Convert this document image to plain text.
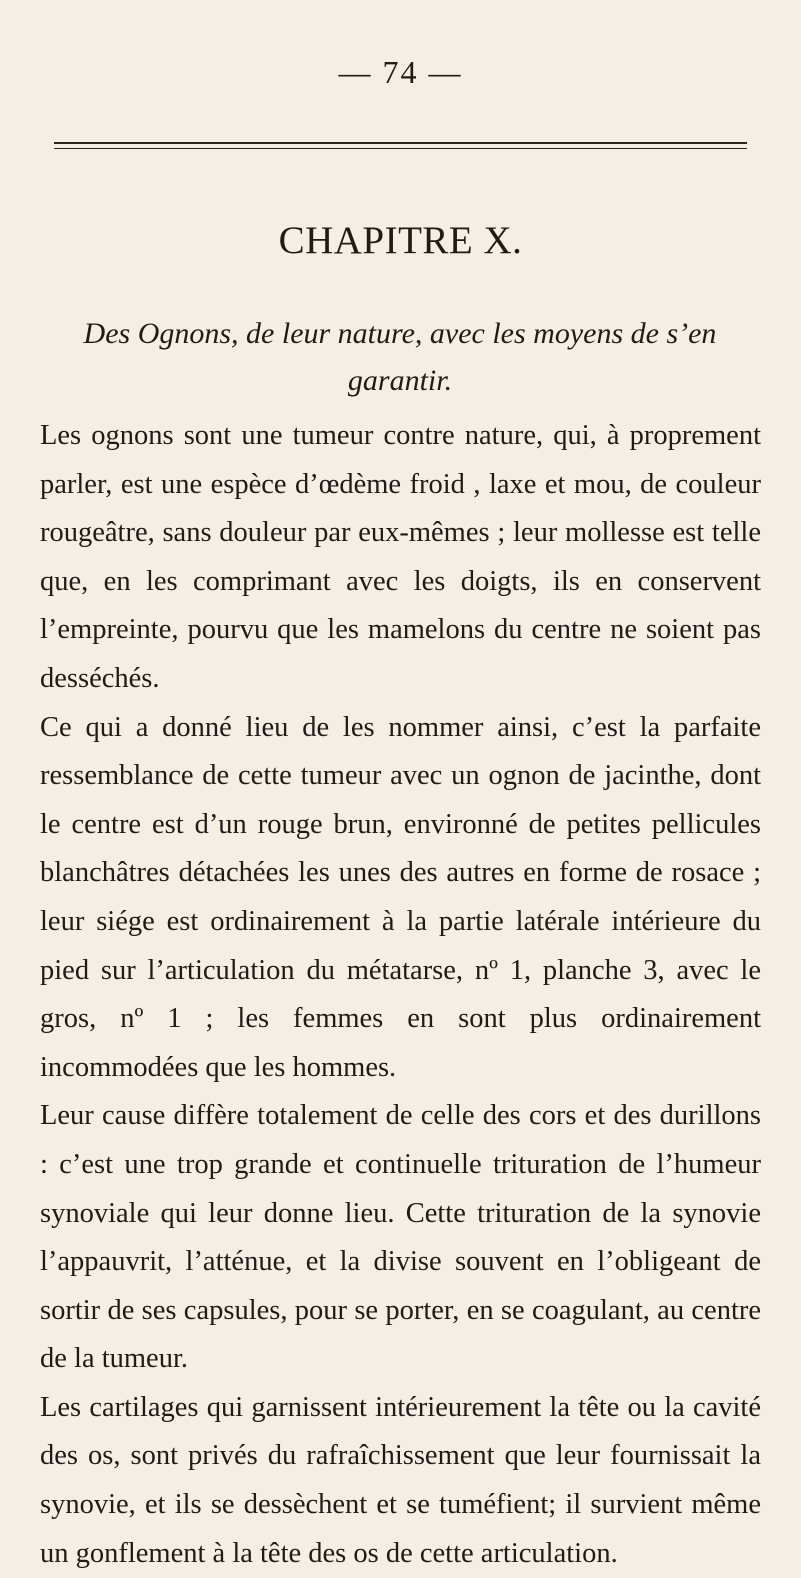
— 74 —
CHAPITRE X.
Des Ognons, de leur nature, avec les moyens de s’en garantir.

Les ognons sont une tumeur contre nature, qui, à proprement parler, est une espèce d’œdème froid , laxe et mou, de couleur rougeâtre, sans douleur par eux-mêmes ; leur mollesse est telle que, en les comprimant avec les doigts, ils en conservent l’empreinte, pourvu que les mamelons du centre ne soient pas desséchés.

Ce qui a donné lieu de les nommer ainsi, c’est la parfaite ressemblance de cette tumeur avec un ognon de jacinthe, dont le centre est d’un rouge brun, environné de petites pellicules blanchâtres détachées les unes des autres en forme de rosace ; leur siége est ordinairement à la partie latérale intérieure du pied sur l’articulation du métatarse, nº 1, planche 3, avec le gros, nº 1 ; les femmes en sont plus ordinairement incommodées que les hommes.

Leur cause diffère totalement de celle des cors et des durillons : c’est une trop grande et continuelle trituration de l’humeur synoviale qui leur donne lieu. Cette trituration de la synovie l’appauvrit, l’atténue, et la divise souvent en l’obligeant de sortir de ses capsules, pour se porter, en se coagulant, au centre de la tumeur.

Les cartilages qui garnissent intérieurement la tête ou la cavité des os, sont privés du rafraîchissement que leur fournissait la synovie, et ils se dessèchent et se tuméfient; il survient même un gonflement à la tête des os de cette articulation.
